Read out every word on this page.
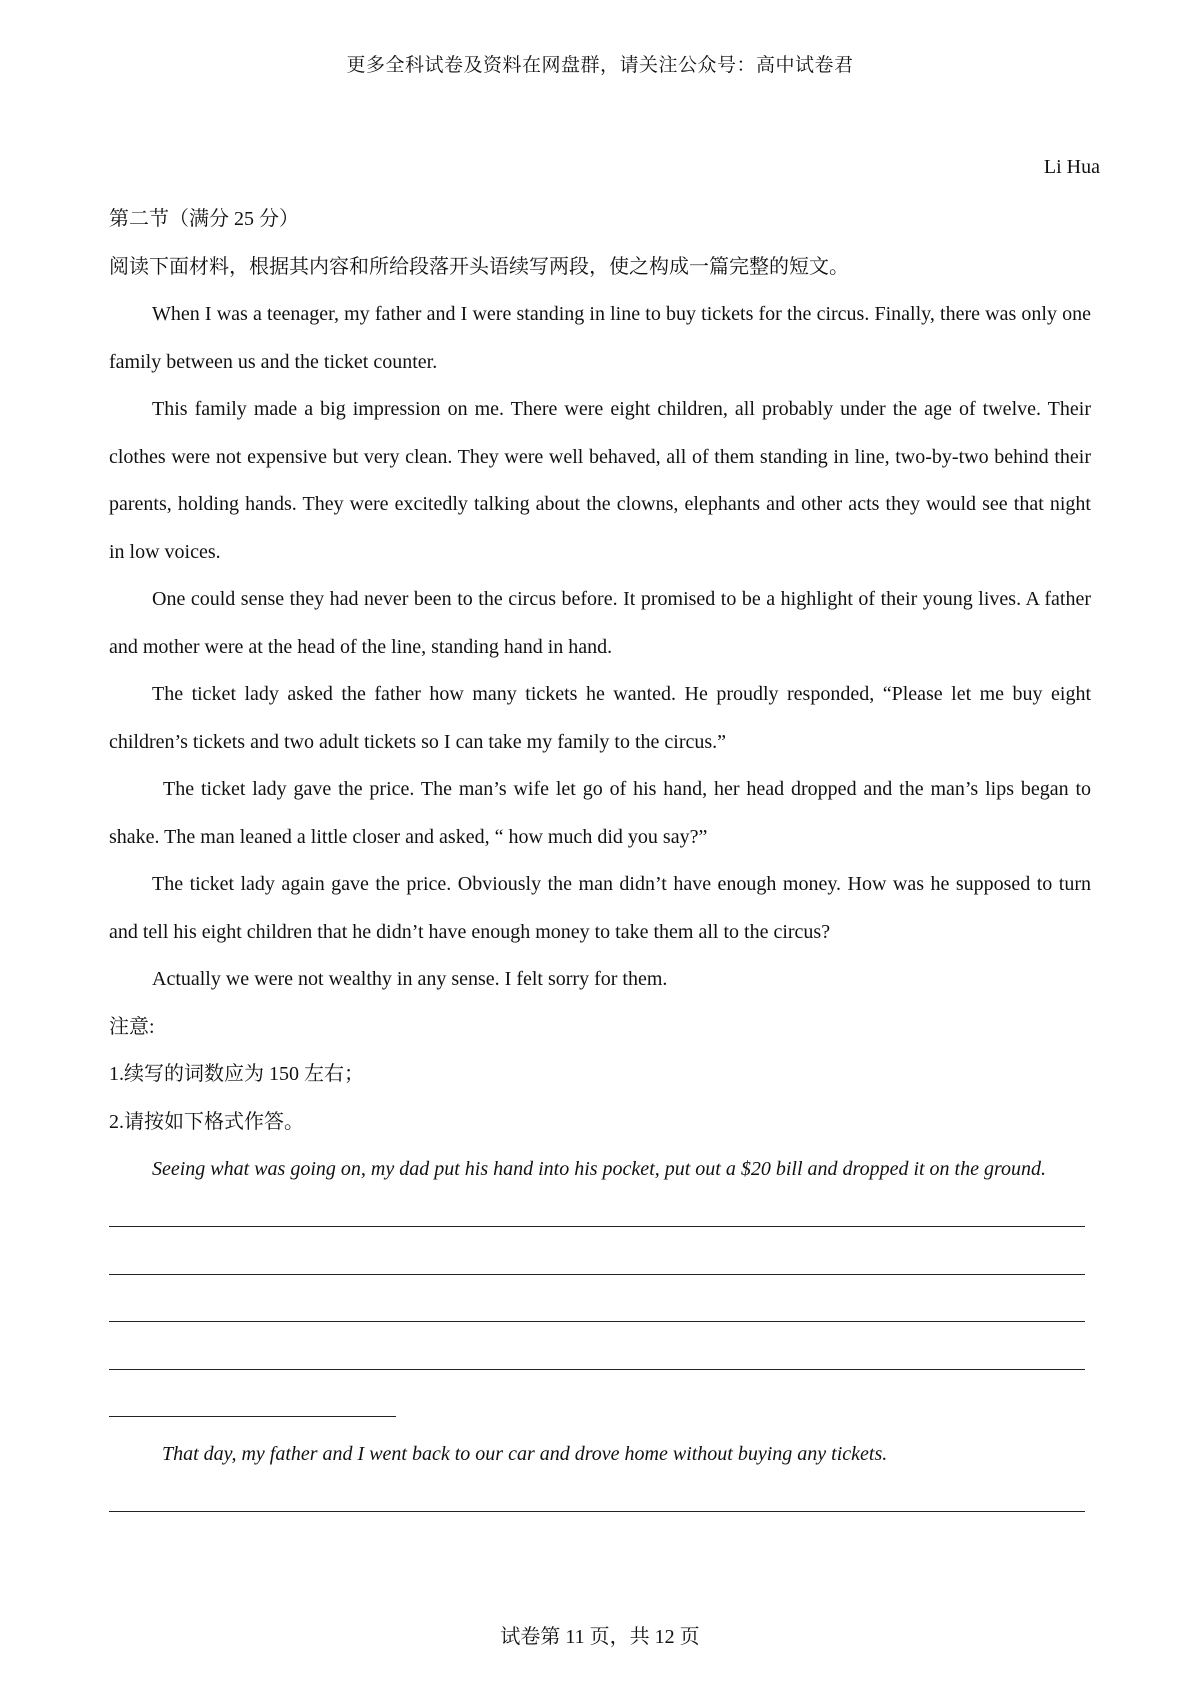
更多全科试卷及资料在网盘群，请关注公众号：高中试卷君
Li Hua

第二节（满分 25 分）

阅读下面材料，根据其内容和所给段落开头语续写两段，使之构成一篇完整的短文。

When I was a teenager, my father and I were standing in line to buy tickets for the circus. Finally, there was only one family between us and the ticket counter.

This family made a big impression on me. There were eight children, all probably under the age of twelve. Their clothes were not expensive but very clean. They were well behaved, all of them standing in line, two-by-two behind their parents, holding hands. They were excitedly talking about the clowns, elephants and other acts they would see that night in low voices.

One could sense they had never been to the circus before. It promised to be a highlight of their young lives. A father and mother were at the head of the line, standing hand in hand.

The ticket lady asked the father how many tickets he wanted. He proudly responded, “Please let me buy eight children’s tickets and two adult tickets so I can take my family to the circus.”

The ticket lady gave the price. The man’s wife let go of his hand, her head dropped and the man’s lips began to shake. The man leaned a little closer and asked, “ how much did you say?”

The ticket lady again gave the price. Obviously the man didn’t have enough money. How was he supposed to turn and tell his eight children that he didn’t have enough money to take them all to the circus?

Actually we were not wealthy in any sense. I felt sorry for them.

注意:

1.续写的词数应为 150 左右；

2.请按如下格式作答。

Seeing what was going on, my dad put his hand into his pocket, put out a $20 bill and dropped it on the ground.

That day, my father and I went back to our car and drove home without buying any tickets.

试卷第 11 页，共 12 页
